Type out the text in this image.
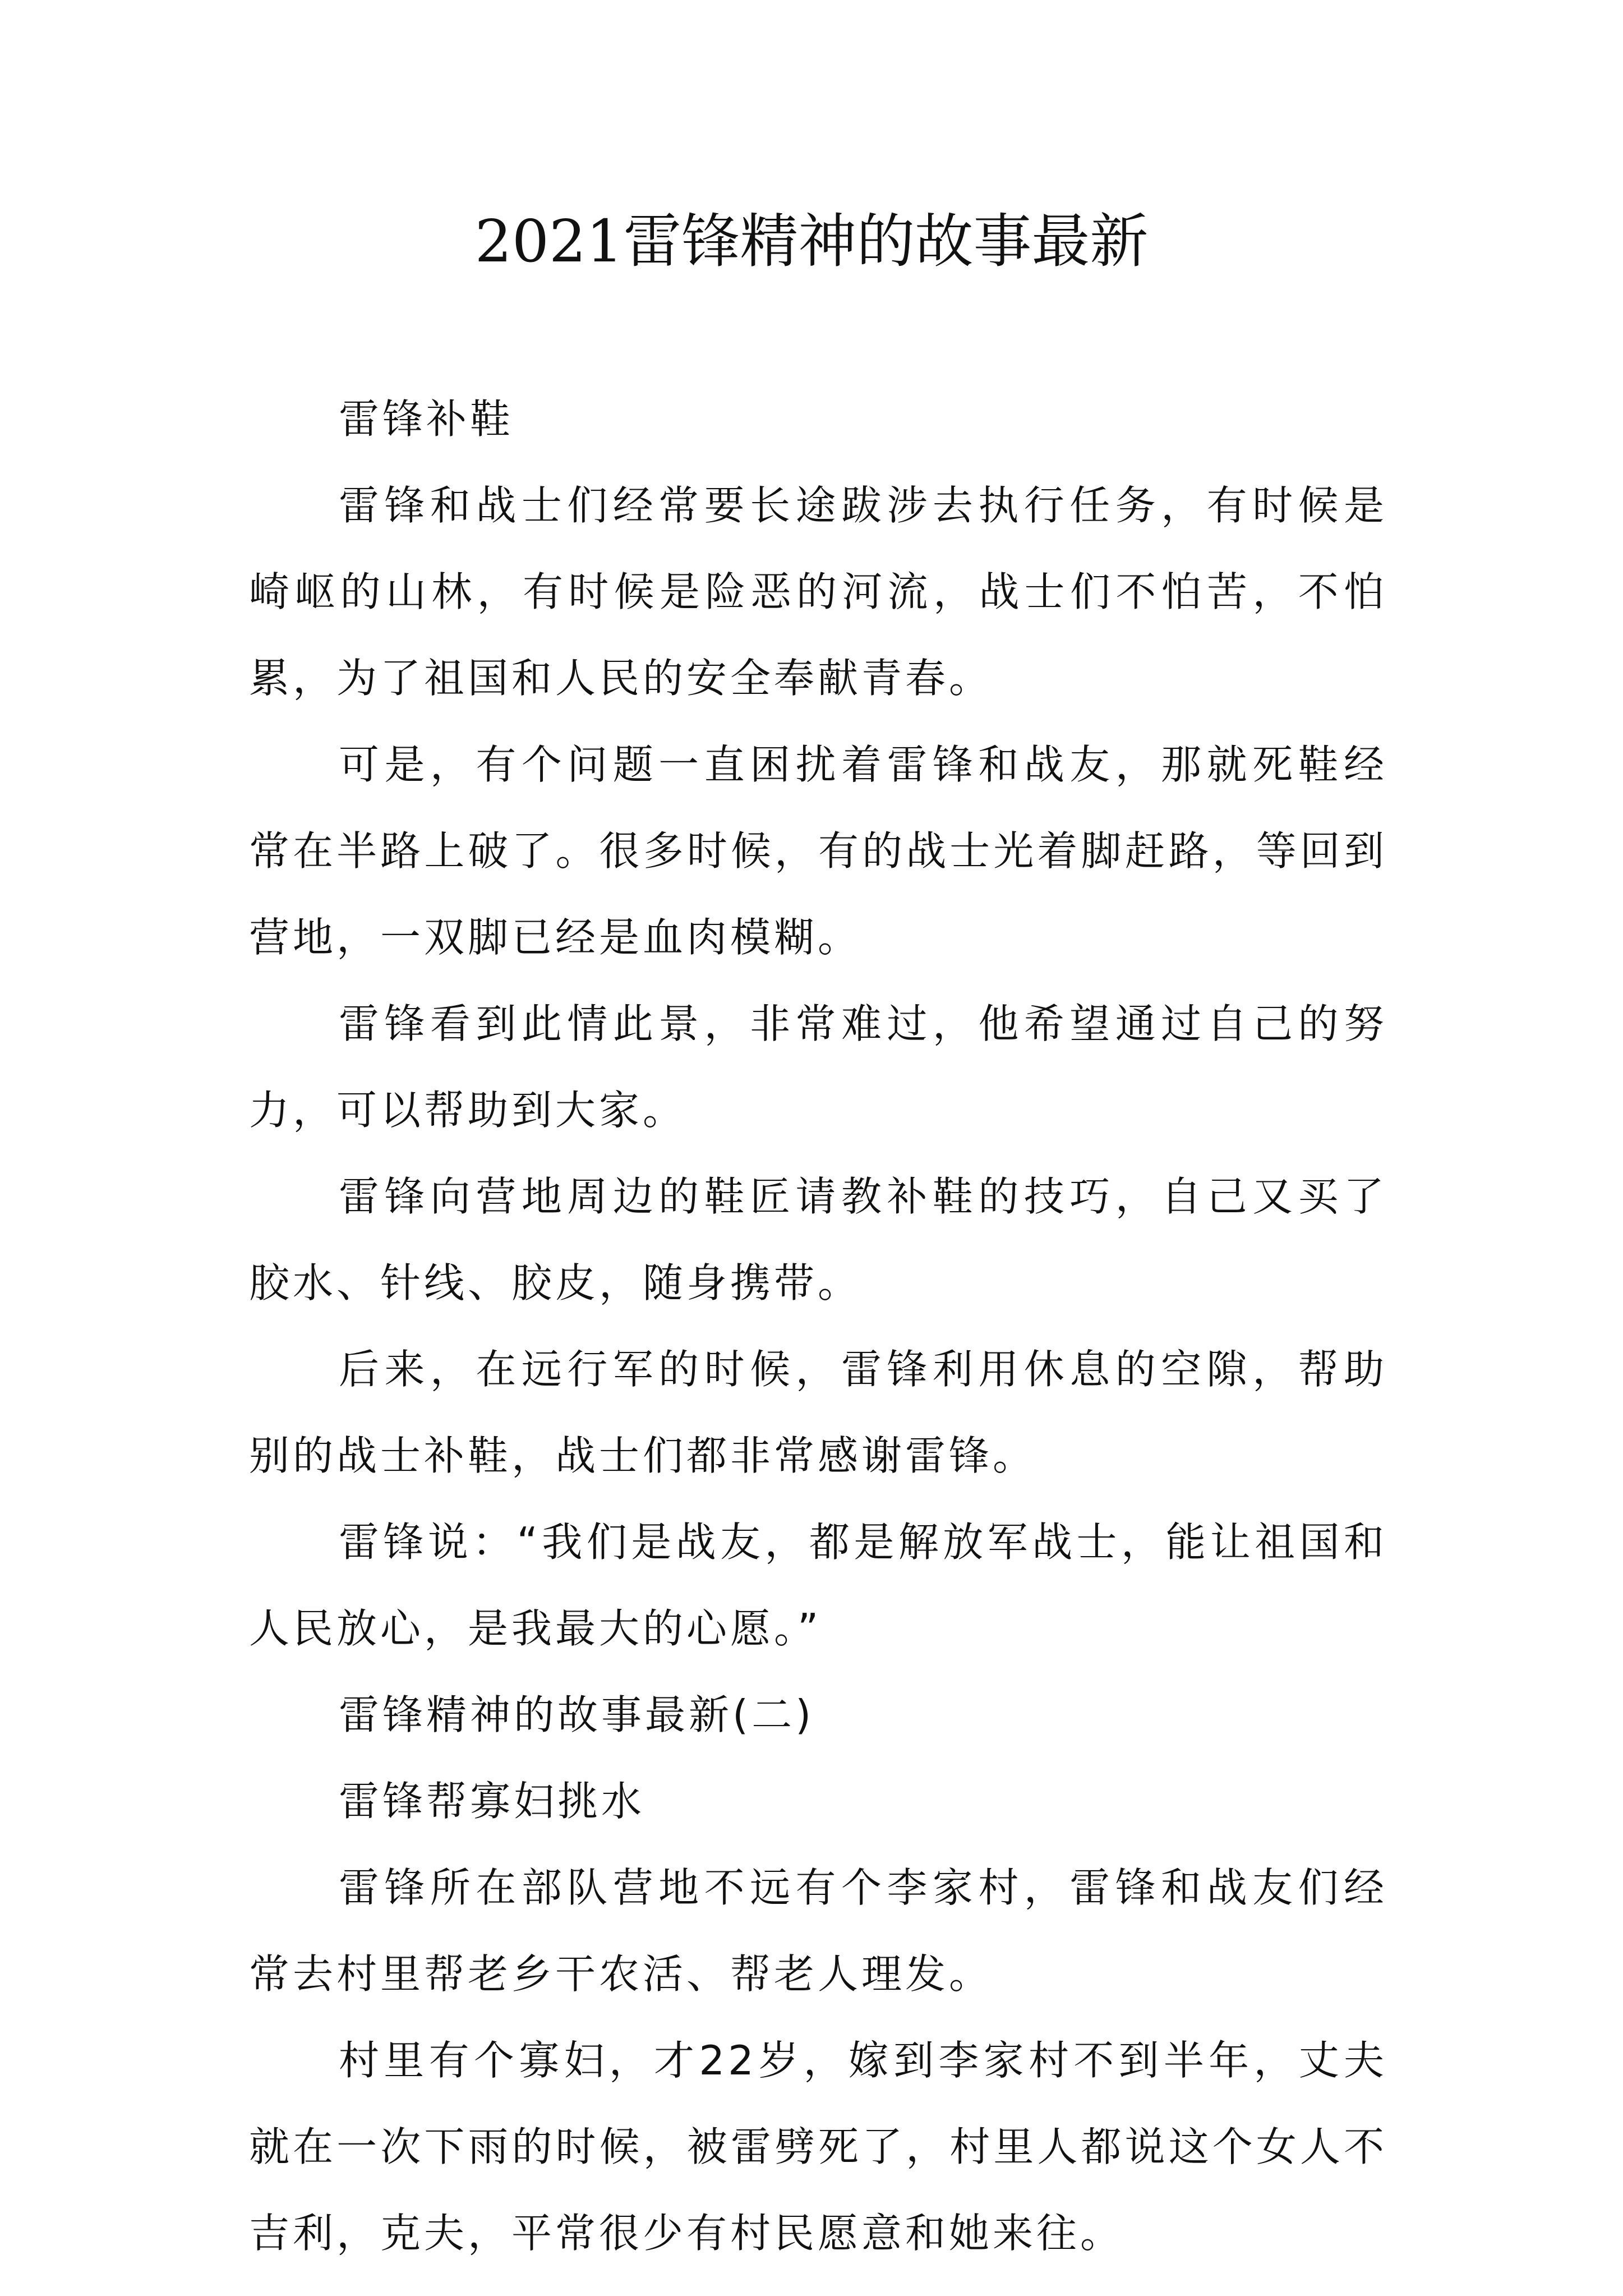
2021雷锋精神的故事最新

雷锋补鞋

雷锋和战士们经常要长途跋涉去执行任务，有时候是崎岖的山林，有时候是险恶的河流，战士们不怕苦，不怕累，为了祖国和人民的安全奉献青春。

可是，有个问题一直困扰着雷锋和战友，那就死鞋经常在半路上破了。很多时候，有的战士光着脚赶路，等回到营地，一双脚已经是血肉模糊。

雷锋看到此情此景，非常难过，他希望通过自己的努力，可以帮助到大家。

雷锋向营地周边的鞋匠请教补鞋的技巧，自己又买了胶水、针线、胶皮，随身携带。

后来，在远行军的时候，雷锋利用休息的空隙，帮助别的战士补鞋，战士们都非常感谢雷锋。

雷锋说：“我们是战友，都是解放军战士，能让祖国和人民放心，是我最大的心愿。”

雷锋精神的故事最新(二)

雷锋帮寡妇挑水

雷锋所在部队营地不远有个李家村，雷锋和战友们经常去村里帮老乡干农活、帮老人理发。

村里有个寡妇，才22岁，嫁到李家村不到半年，丈夫就在一次下雨的时候，被雷劈死了，村里人都说这个女人不吉利，克夫，平常很少有村民愿意和她来往。
